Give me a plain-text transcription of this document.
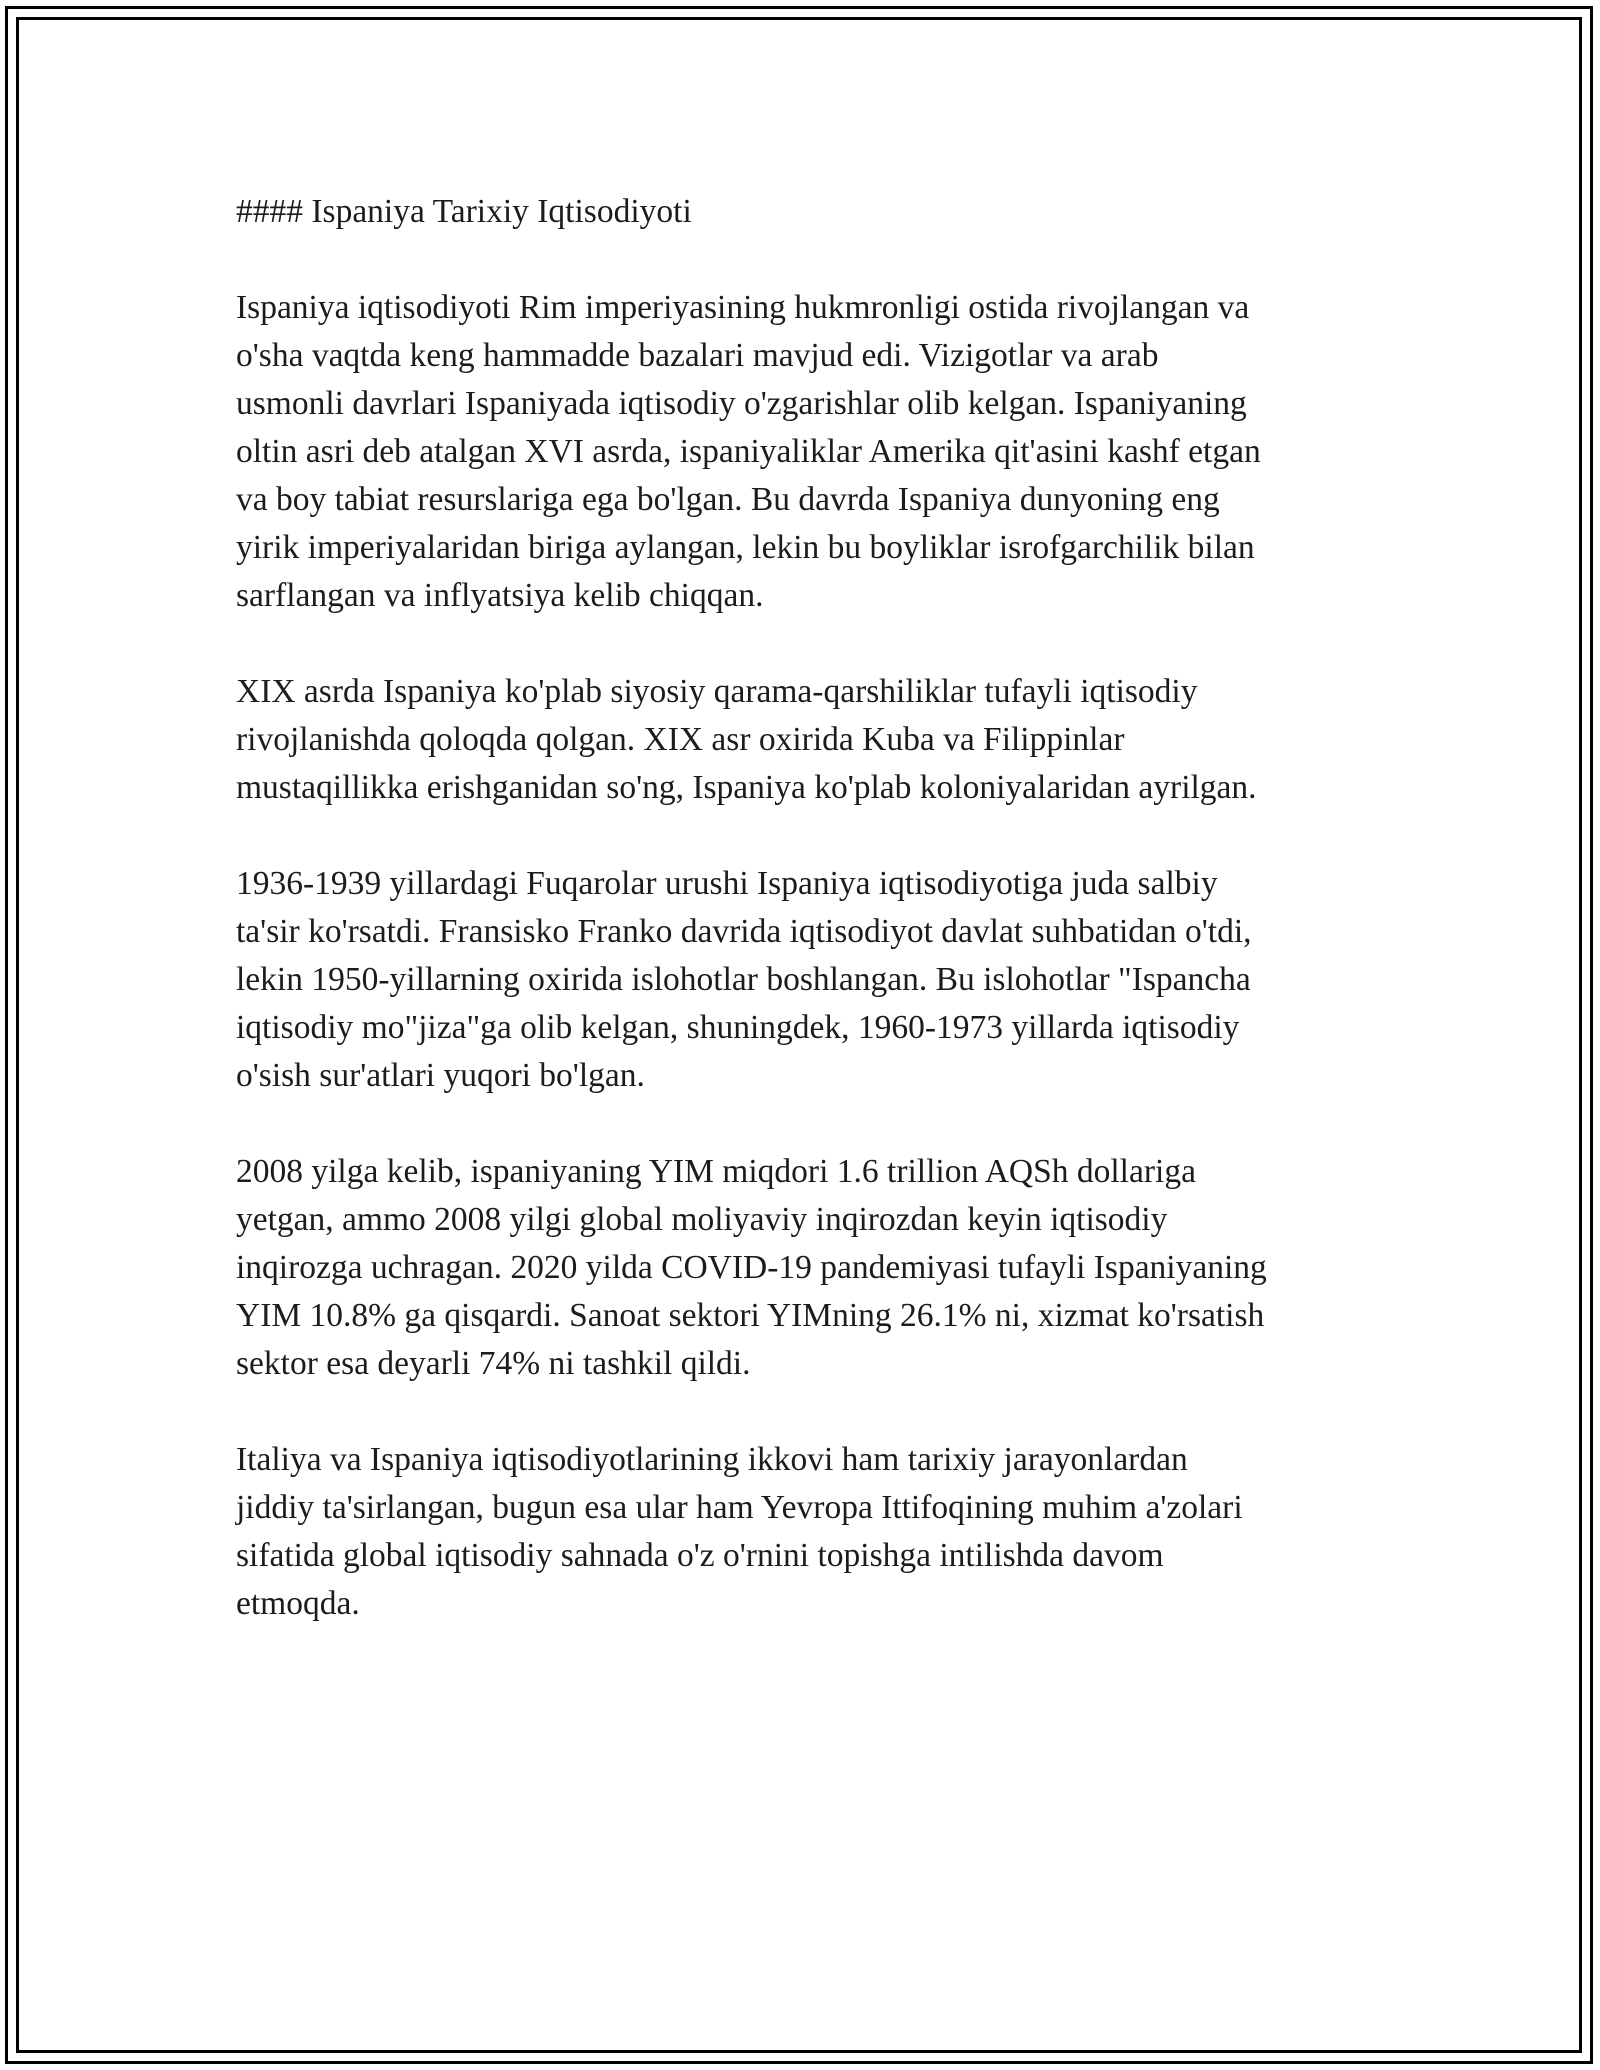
#### Ispaniya Tarixiy Iqtisodiyoti
Ispaniya iqtisodiyoti Rim imperiyasining hukmronligi ostida rivojlangan va
o'sha vaqtda keng hammadde bazalari mavjud edi. Vizigotlar va arab
usmonli davrlari Ispaniyada iqtisodiy o'zgarishlar olib kelgan. Ispaniyaning
oltin asri deb atalgan XVI asrda, ispaniyaliklar Amerika qit'asini kashf etgan
va boy tabiat resurslariga ega bo'lgan. Bu davrda Ispaniya dunyoning eng
yirik imperiyalaridan biriga aylangan, lekin bu boyliklar isrofgarchilik bilan
sarflangan va inflyatsiya kelib chiqqan.
XIX asrda Ispaniya ko'plab siyosiy qarama-qarshiliklar tufayli iqtisodiy
rivojlanishda qoloqda qolgan. XIX asr oxirida Kuba va Filippinlar
mustaqillikka erishganidan so'ng, Ispaniya ko'plab koloniyalaridan ayrilgan.
1936-1939 yillardagi Fuqarolar urushi Ispaniya iqtisodiyotiga juda salbiy
ta'sir ko'rsatdi. Fransisko Franko davrida iqtisodiyot davlat suhbatidan o'tdi,
lekin 1950-yillarning oxirida islohotlar boshlangan. Bu islohotlar "Ispancha
iqtisodiy mo"jiza"ga olib kelgan, shuningdek, 1960-1973 yillarda iqtisodiy
o'sish sur'atlari yuqori bo'lgan.
2008 yilga kelib, ispaniyaning YIM miqdori 1.6 trillion AQSh dollariga
yetgan, ammo 2008 yilgi global moliyaviy inqirozdan keyin iqtisodiy
inqirozga uchragan. 2020 yilda COVID-19 pandemiyasi tufayli Ispaniyaning
YIM 10.8% ga qisqardi. Sanoat sektori YIMning 26.1% ni, xizmat ko'rsatish
sektor esa deyarli 74% ni tashkil qildi.
Italiya va Ispaniya iqtisodiyotlarining ikkovi ham tarixiy jarayonlardan
jiddiy ta'sirlangan, bugun esa ular ham Yevropa Ittifoqining muhim a'zolari
sifatida global iqtisodiy sahnada o'z o'rnini topishga intilishda davom
etmoqda.
